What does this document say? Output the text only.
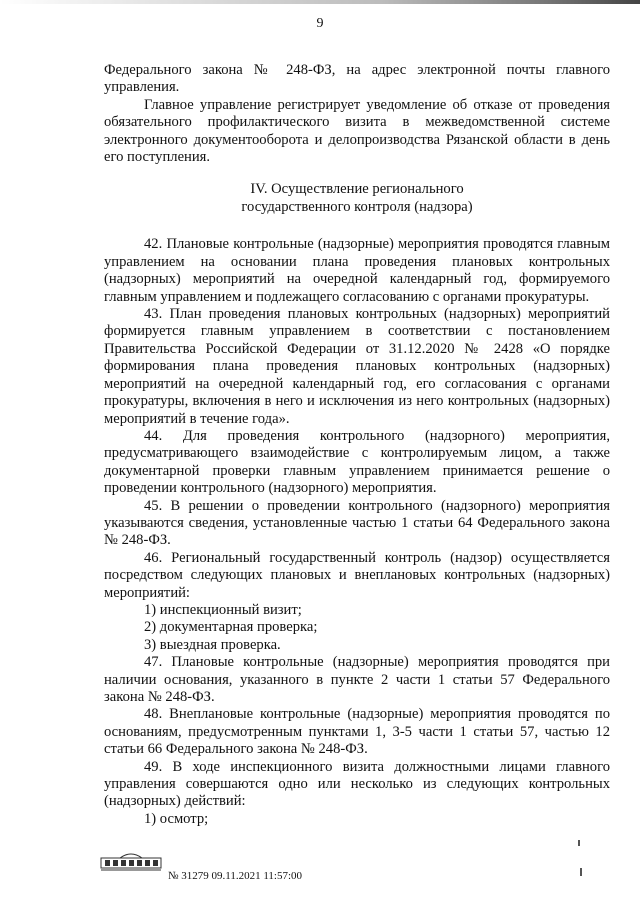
9

Федерального закона № 248-ФЗ, на адрес электронной почты главного управления.

Главное управление регистрирует уведомление об отказе от проведения обязательного профилактического визита в межведомственной системе электронного документооборота и делопроизводства Рязанской области в день его поступления.

IV. Осуществление регионального
государственного контроля (надзора)

42. Плановые контрольные (надзорные) мероприятия проводятся главным управлением на основании плана проведения плановых контрольных (надзорных) мероприятий на очередной календарный год, формируемого главным управлением и подлежащего согласованию с органами прокуратуры.

43. План проведения плановых контрольных (надзорных) мероприятий формируется главным управлением в соответствии с постановлением Правительства Российской Федерации от 31.12.2020 № 2428 «О порядке формирования плана проведения плановых контрольных (надзорных) мероприятий на очередной календарный год, его согласования с органами прокуратуры, включения в него и исключения из него контрольных (надзорных) мероприятий в течение года».

44. Для проведения контрольного (надзорного) мероприятия, предусматривающего взаимодействие с контролируемым лицом, а также документарной проверки главным управлением принимается решение о проведении контрольного (надзорного) мероприятия.

45. В решении о проведении контрольного (надзорного) мероприятия указываются сведения, установленные частью 1 статьи 64 Федерального закона № 248-ФЗ.

46. Региональный государственный контроль (надзор) осуществляется посредством следующих плановых и внеплановых контрольных (надзорных) мероприятий:

1) инспекционный визит;

2) документарная проверка;

3) выездная проверка.

47. Плановые контрольные (надзорные) мероприятия проводятся при наличии основания, указанного в пункте 2 части 1 статьи 57 Федерального закона № 248-ФЗ.

48. Внеплановые контрольные (надзорные) мероприятия проводятся по основаниям, предусмотренным пунктами 1, 3-5 части 1 статьи 57, частью 12 статьи 66 Федерального закона № 248-ФЗ.

49. В ходе инспекционного визита должностными лицами главного управления совершаются одно или несколько из следующих контрольных (надзорных) действий:

1) осмотр;

№ 31279 09.11.2021 11:57:00
